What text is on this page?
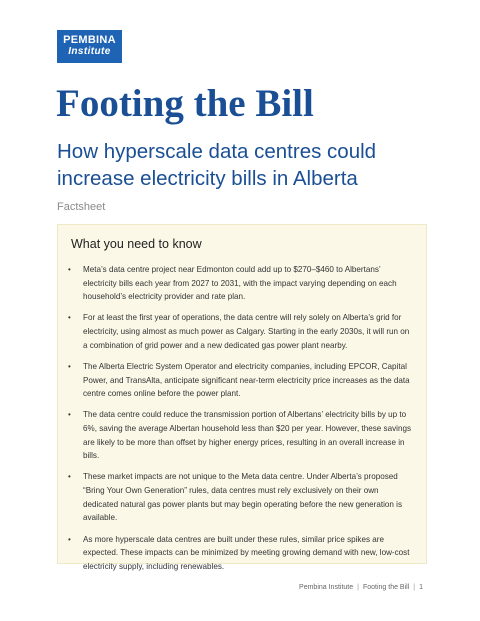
PEMBINA
Institute
Footing the Bill
How hyperscale data centres could increase electricity bills in Alberta
Factsheet
What you need to know
• Meta’s data centre project near Edmonton could add up to $270–$460 to Albertans’ electricity bills each year from 2027 to 2031, with the impact varying depending on each household’s electricity provider and rate plan.
• For at least the first year of operations, the data centre will rely solely on Alberta’s grid for electricity, using almost as much power as Calgary. Starting in the early 2030s, it will run on a combination of grid power and a new dedicated gas power plant nearby.
• The Alberta Electric System Operator and electricity companies, including EPCOR, Capital Power, and TransAlta, anticipate significant near-term electricity price increases as the data centre comes online before the power plant.
• The data centre could reduce the transmission portion of Albertans’ electricity bills by up to 6%, saving the average Albertan household less than $20 per year. However, these savings are likely to be more than offset by higher energy prices, resulting in an overall increase in bills.
• These market impacts are not unique to the Meta data centre. Under Alberta’s proposed “Bring Your Own Generation” rules, data centres must rely exclusively on their own dedicated natural gas power plants but may begin operating before the new generation is available.
• As more hyperscale data centres are built under these rules, similar price spikes are expected. These impacts can be minimized by meeting growing demand with new, low-cost electricity supply, including renewables.
Pembina Institute | Footing the Bill | 1
